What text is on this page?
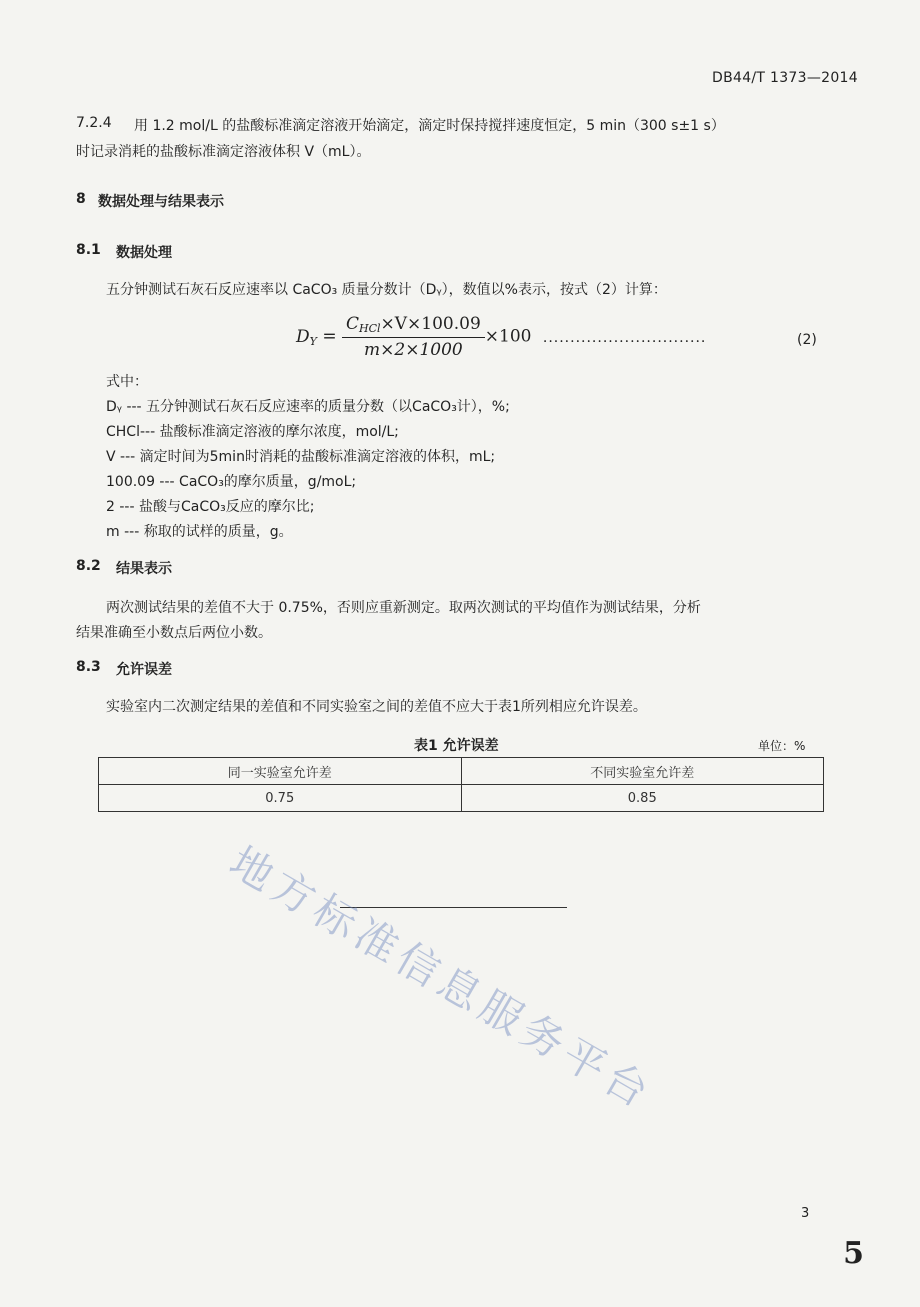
DB44/T 1373—2014
7.2.4 用 1.2 mol/L 的盐酸标准滴定溶液开始滴定，滴定时保持搅拌速度恒定，5 min（300 s±1 s）
时记录消耗的盐酸标准滴定溶液体积 V（mL）。
8 数据处理与结果表示
8.1 数据处理
五分钟测试石灰石反应速率以 CaCO₃ 质量分数计（Dᵧ），数值以%表示，按式（2）计算：
$D_Y = \frac{C_{HCl}\times V\times 100.09}{m\times 2\times 1000} \times 100$ ..............................	(2)
式中：
Dᵧ --- 五分钟测试石灰石反应速率的质量分数（以CaCO₃计），%;
CHCl--- 盐酸标准滴定溶液的摩尔浓度，mol/L;
V --- 滴定时间为5min时消耗的盐酸标准滴定溶液的体积，mL;
100.09 --- CaCO₃的摩尔质量，g/moL;
2 --- 盐酸与CaCO₃反应的摩尔比;
m --- 称取的试样的质量，g。
8.2 结果表示
两次测试结果的差值不大于 0.75%，否则应重新测定。取两次测试的平均值作为测试结果，分析
结果准确至小数点后两位小数。
8.3 允许误差
实验室内二次测定结果的差值和不同实验室之间的差值不应大于表1所列相应允许误差。
表1 允许误差	单位：%
同一实验室允许差	不同实验室允许差
0.75	0.85
地方标准信息服务平台
3
5
